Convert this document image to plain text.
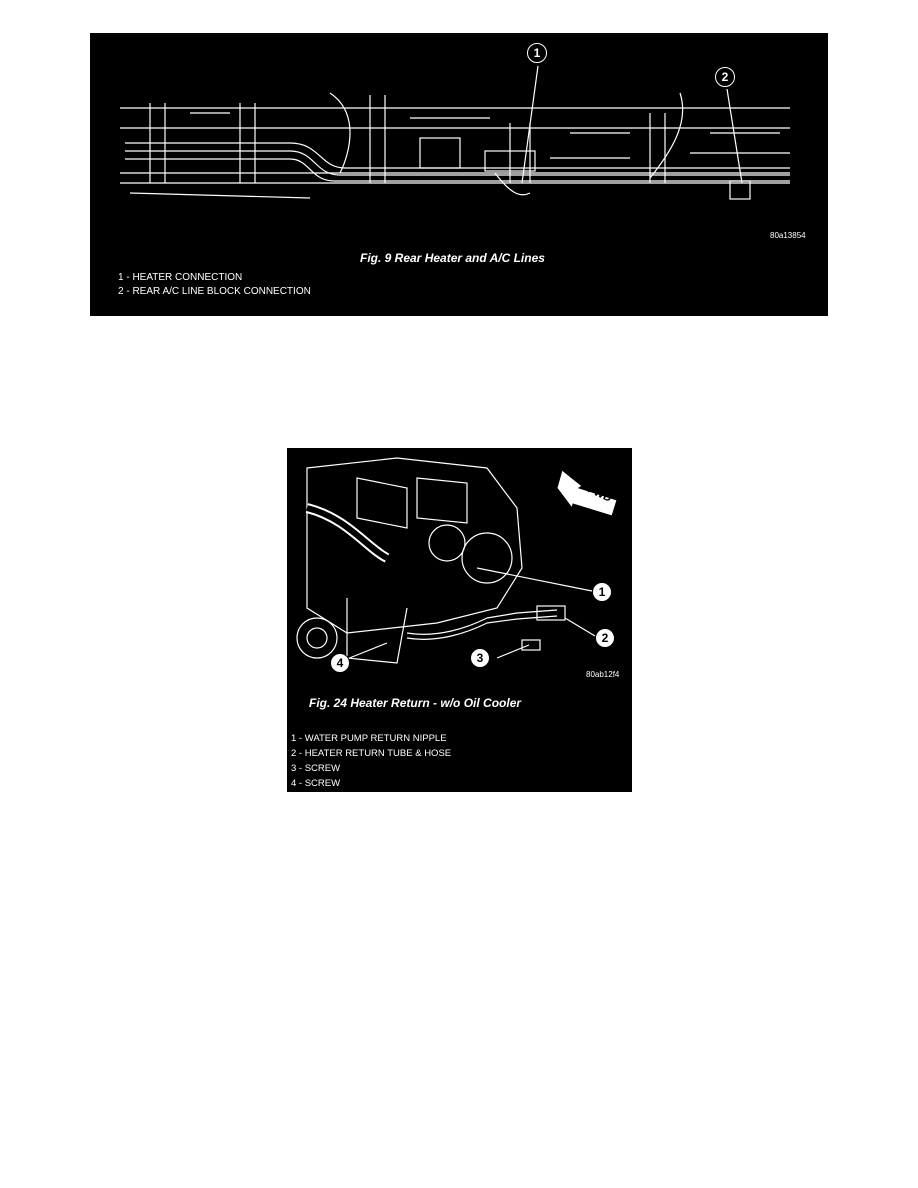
1
2
80a13854
Fig. 9 Rear Heater and A/C Lines
1 - HEATER CONNECTION
2 - REAR A/C LINE BLOCK CONNECTION
FWD
1
2
3
4
80ab12f4
Fig. 24 Heater Return - w/o Oil Cooler
1 - WATER PUMP RETURN NIPPLE
2 - HEATER RETURN TUBE & HOSE
3 - SCREW
4 - SCREW
